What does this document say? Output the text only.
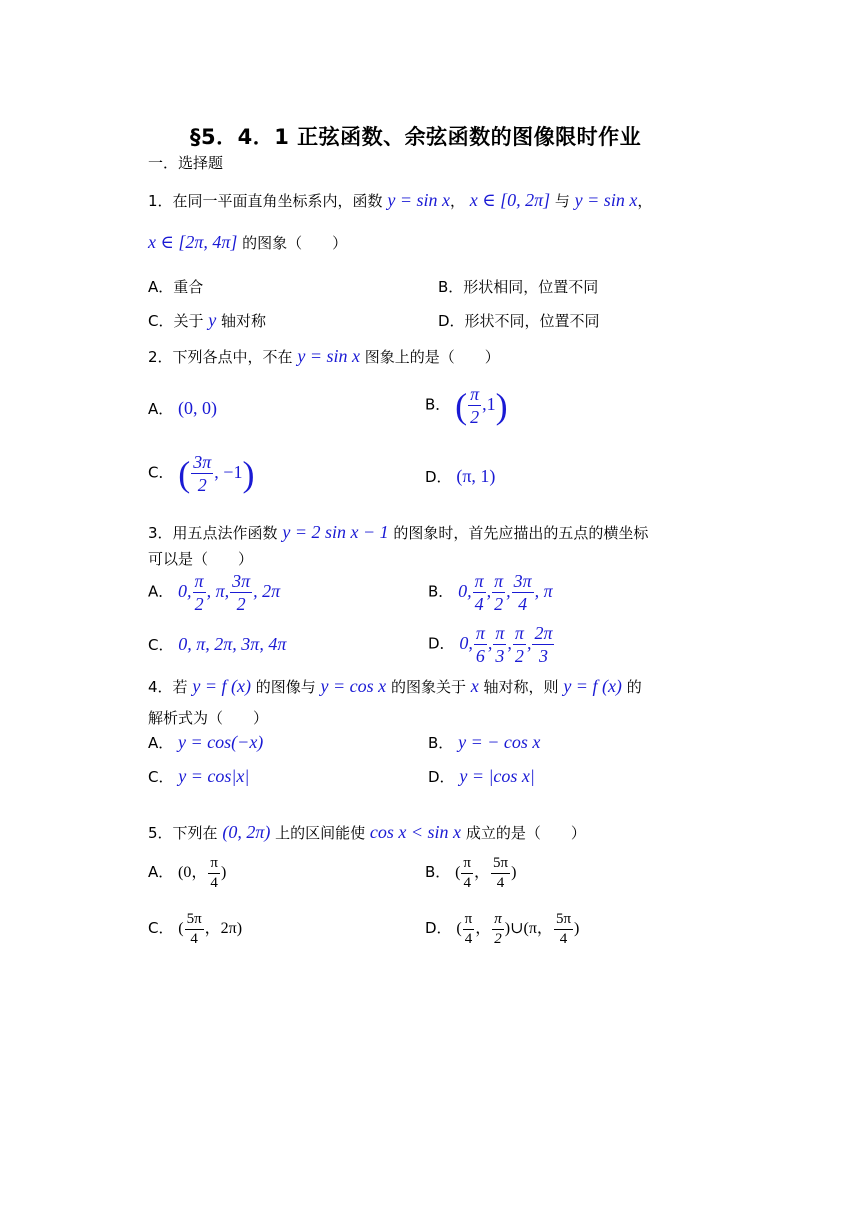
§5．4．1 正弦函数、余弦函数的图像限时作业
一．选择题
1．在同一平面直角坐标系内，函数 y = sin x， x ∈ [0, 2π] 与 y = sin x，
x ∈ [2π, 4π] 的图象（　　）
A．重合	B．形状相同，位置不同
C．关于 y 轴对称	D．形状不同，位置不同
2．下列各点中，不在 y = sin x 图象上的是（　　）
A． (0, 0)	B． ( $\frac{\pi}{2} ,1$)
C． ( $\frac{3\pi}{2}$ , −1)	D． (π, 1)
3．用五点法作函数 y = 2 sin x − 1 的图象时，首先应描出的五点的横坐标
可以是（　　）
A． 0, $\frac{\pi}{2}$ , π, $\frac{3\pi}{2}$ , 2π	B． 0, $\frac{\pi}{4}$ , $\frac{\pi}{2}$ , $\frac{3\pi}{4}$ , π
C． 0, π, 2π, 3π, 4π	D． 0, $\frac{\pi}{6}$ , $\frac{\pi}{3}$ , $\frac{\pi}{2}$ , $\frac{2\pi}{3}$
4．若 y = f (x) 的图像与 y = cos x 的图象关于 x 轴对称，则 y = f (x) 的
解析式为（　　）
A． y = cos(−x)	B． y = − cos x
C． y = cos|x|	D． y = |cos x|
5．下列在 (0, 2π) 上的区间能使 cos x < sin x 成立的是（　　）
A． (0， $\frac{\pi}{4}$ )	B． ( $\frac{\pi}{4}$ ， $\frac{5\pi}{4}$ )
C． ( $\frac{5\pi}{4}$ ，2π)	D． ( $\frac{\pi}{4}$ ， $\frac{\pi}{2}$ )∪(π， $\frac{5\pi}{4}$ )
